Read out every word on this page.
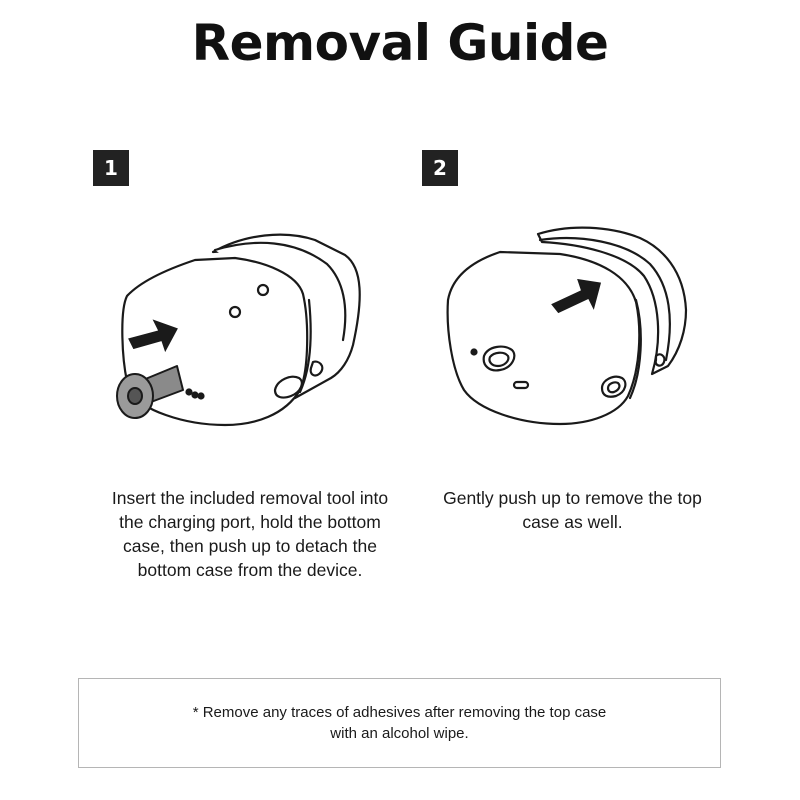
Removal Guide
1
Insert the included removal tool into the charging port, hold the bottom case, then push up to detach the bottom case from the device.
2
Gently push up to remove the top case as well.
* Remove any traces of adhesives after removing the top case with an alcohol wipe.
